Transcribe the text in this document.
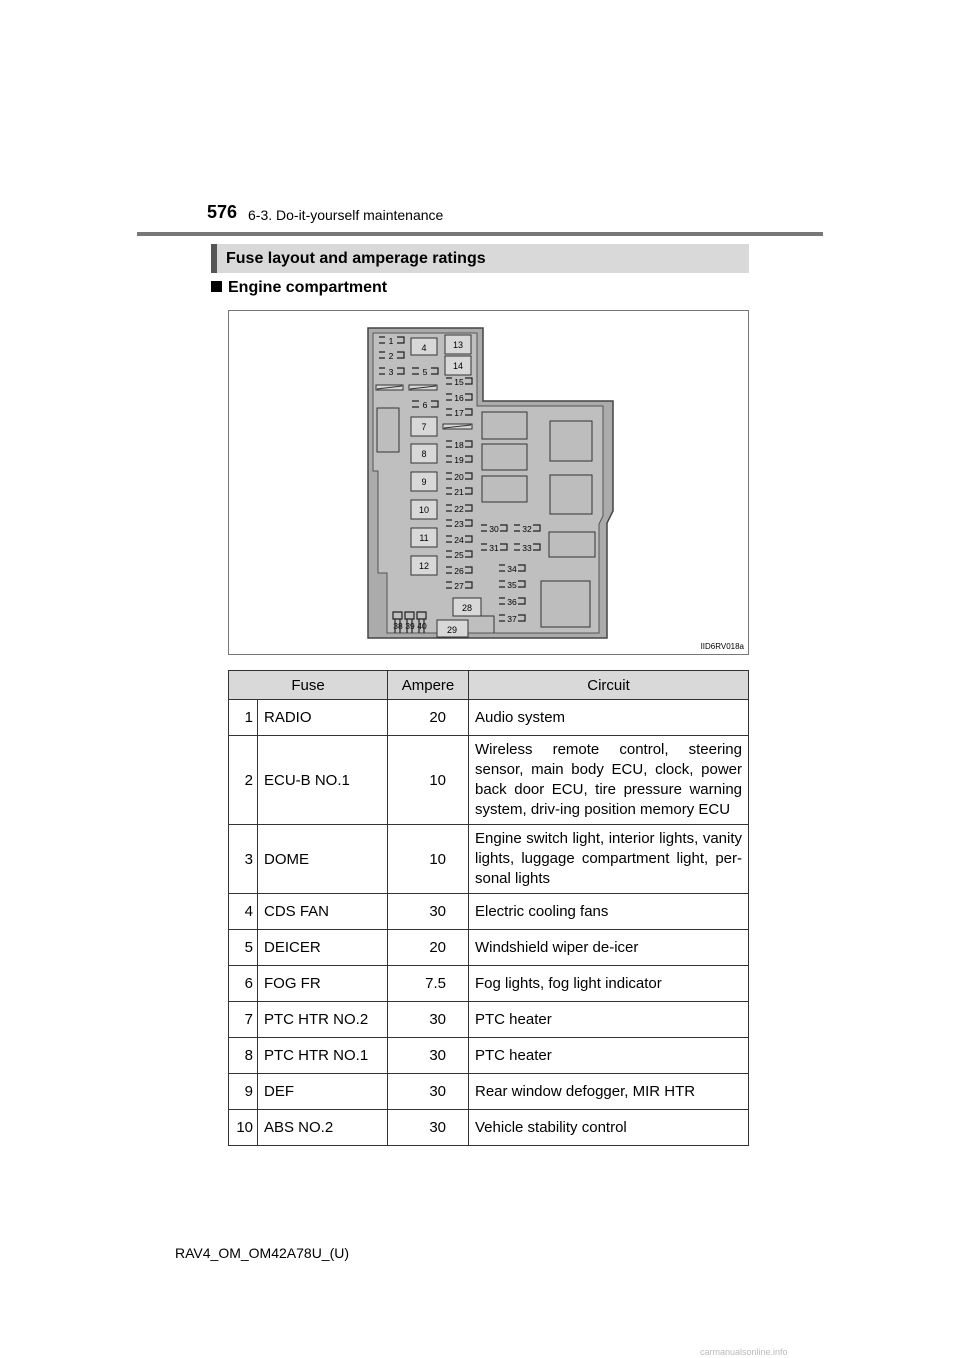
576 6-3. Do-it-yourself maintenance
Fuse layout and amperage ratings
Engine compartment
4	13
14
7
8
9
10
11
12
28
29
1
2
3	5
6
15
16
17
18
19
20
21
22
23
24
25
26
27
30
31
32
33
34
35
36
37
38 39 40
IID6RV018a
Fuse		Ampere	Circuit
1	RADIO	20	Audio system
2	ECU-B NO.1	10	Wireless remote control, steering sensor, main body ECU, clock, power back door ECU, tire pressure warning system, driv-ing position memory ECU
3	DOME	10	Engine switch light, interior lights, vanity lights, luggage compartment light, per-sonal lights
4	CDS FAN	30	Electric cooling fans
5	DEICER	20	Windshield wiper de-icer
6	FOG FR	7.5	Fog lights, fog light indicator
7	PTC HTR NO.2	30	PTC heater
8	PTC HTR NO.1	30	PTC heater
9	DEF	30	Rear window defogger, MIR HTR
10	ABS NO.2	30	Vehicle stability control
RAV4_OM_OM42A78U_(U)
carmanualsonline.info
